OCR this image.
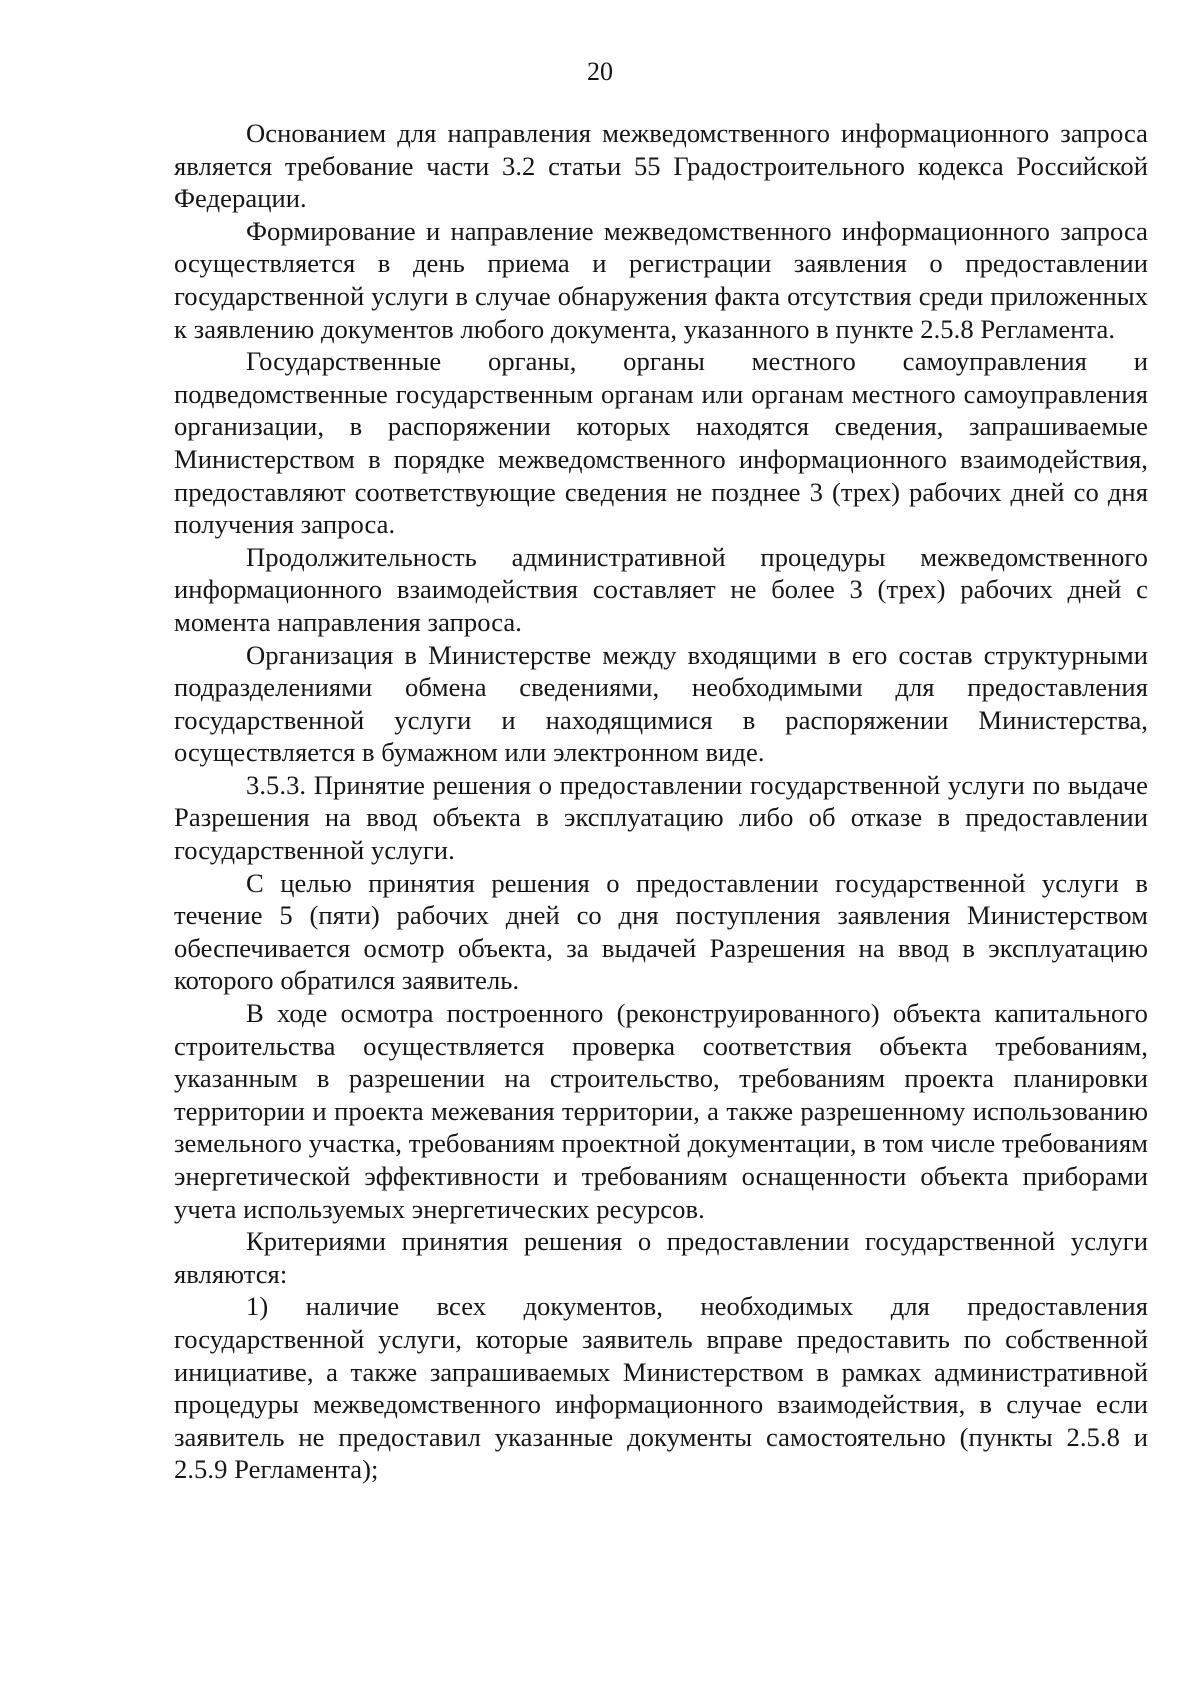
20

Основанием для направления межведомственного информационного запроса является требование части 3.2 статьи 55 Градостроительного кодекса Российской Федерации.

Формирование и направление межведомственного информационного запроса осуществляется в день приема и регистрации заявления о предоставлении государственной услуги в случае обнаружения факта отсутствия среди приложенных к заявлению документов любого документа, указанного в пункте 2.5.8 Регламента.

Государственные органы, органы местного самоуправления и подведомственные государственным органам или органам местного самоуправления организации, в распоряжении которых находятся сведения, запрашиваемые Министерством в порядке межведомственного информационного взаимодействия, предоставляют соответствующие сведения не позднее 3 (трех) рабочих дней со дня получения запроса.

Продолжительность административной процедуры межведомственного информационного взаимодействия составляет не более 3 (трех) рабочих дней с момента направления запроса.

Организация в Министерстве между входящими в его состав структурными подразделениями обмена сведениями, необходимыми для предоставления государственной услуги и находящимися в распоряжении Министерства, осуществляется в бумажном или электронном виде.

3.5.3. Принятие решения о предоставлении государственной услуги по выдаче Разрешения на ввод объекта в эксплуатацию либо об отказе в предоставлении государственной услуги.

С целью принятия решения о предоставлении государственной услуги в течение 5 (пяти) рабочих дней со дня поступления заявления Министерством обеспечивается осмотр объекта, за выдачей Разрешения на ввод в эксплуатацию которого обратился заявитель.

В ходе осмотра построенного (реконструированного) объекта капитального строительства осуществляется проверка соответствия объекта требованиям, указанным в разрешении на строительство, требованиям проекта планировки территории и проекта межевания территории, а также разрешенному использованию земельного участка, требованиям проектной документации, в том числе требованиям энергетической эффективности и требованиям оснащенности объекта приборами учета используемых энергетических ресурсов.

Критериями принятия решения о предоставлении государственной услуги являются:

1) наличие всех документов, необходимых для предоставления государственной услуги, которые заявитель вправе предоставить по собственной инициативе, а также запрашиваемых Министерством в рамках административной процедуры межведомственного информационного взаимодействия, в случае если заявитель не предоставил указанные документы самостоятельно (пункты 2.5.8 и 2.5.9 Регламента);
